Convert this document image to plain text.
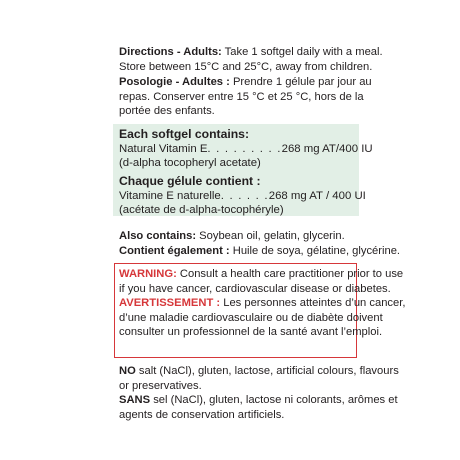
Directions - Adults: Take 1 softgel daily with a meal.
Store between 15°C and 25°C, away from children.
Posologie - Adultes : Prendre 1 gélule par jour au
repas. Conserver entre 15 °C et 25 °C, hors de la
portée des enfants.
Each softgel contains:
Natural Vitamin E . . . . . . . . . 268 mg AT/400 IU
(d-alpha tocopheryl acetate)
Chaque gélule contient :
Vitamine E naturelle . . . . . . 268 mg AT / 400 UI
(acétate de d-alpha-tocophéryle)
Also contains: Soybean oil, gelatin, glycerin.
Contient également : Huile de soya, gélatine, glycérine.
WARNING: Consult a health care practitioner prior to use
if you have cancer, cardiovascular disease or diabetes.
AVERTISSEMENT : Les personnes atteintes d’un cancer,
d’une maladie cardiovasculaire ou de diabète doivent
consulter un professionnel de la santé avant l’emploi.
NO salt (NaCl), gluten, lactose, artificial colours, flavours
or preservatives.
SANS sel (NaCl), gluten, lactose ni colorants, arômes et
agents de conservation artificiels.
